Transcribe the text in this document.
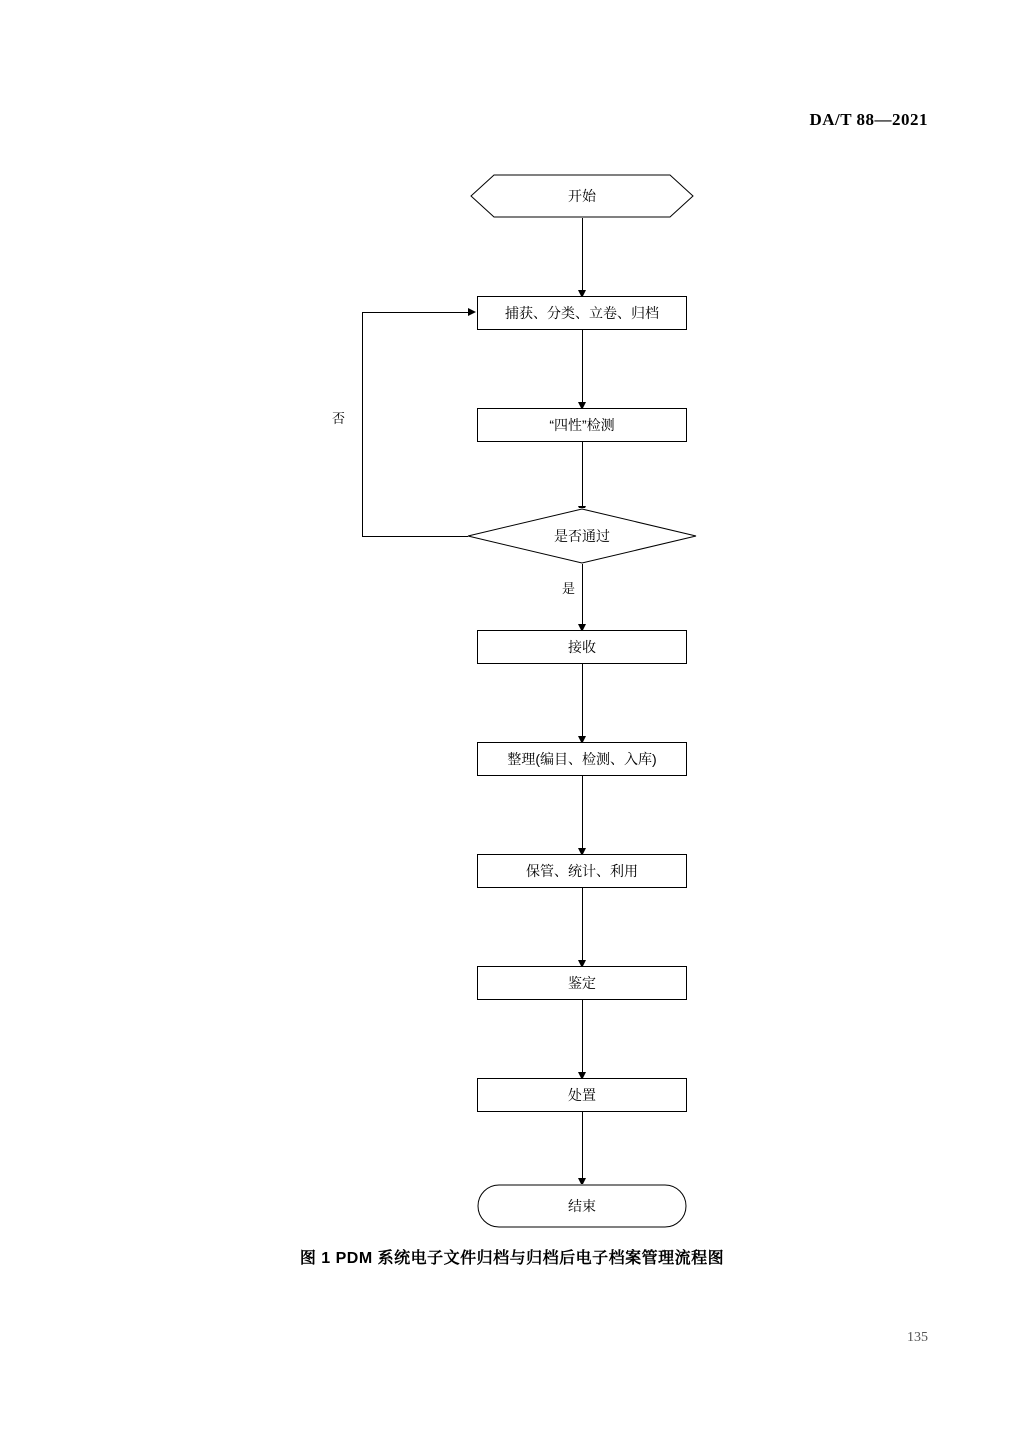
DA/T 88—2021
开始
捕获、分类、立卷、归档
“四性”检测
是否通过
是
否
接收
整理(编目、检测、入库)
保管、统计、利用
鉴定
处置
结束
图 1 PDM 系统电子文件归档与归档后电子档案管理流程图
135
